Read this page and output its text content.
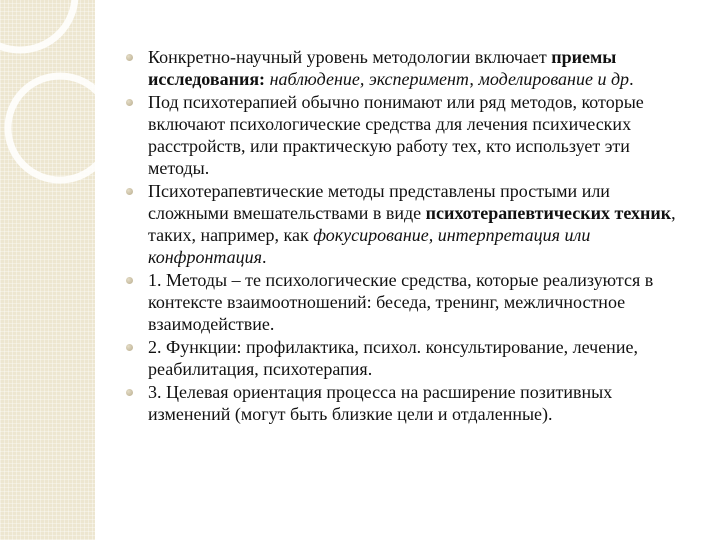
Конкретно-научный уровень методологии включает приемы исследования: наблюдение, эксперимент, моделирование и др.
Под психотерапией обычно понимают или ряд методов, которые включают психологические средства для лечения психических расстройств, или практическую работу тех, кто использует эти методы.
Психотерапевтические методы представлены простыми или сложными вмешательствами в виде психотерапевтических техник, таких, например, как фокусирование, интерпретация или конфронтация.
1. Методы – те психологические средства, которые реализуются в контексте взаимоотношений: беседа, тренинг, межличностное взаимодействие.
2. Функции: профилактика, психол. консультирование, лечение, реабилитация, психотерапия.
3. Целевая ориентация процесса на расширение позитивных изменений (могут быть близкие цели и отдаленные).
